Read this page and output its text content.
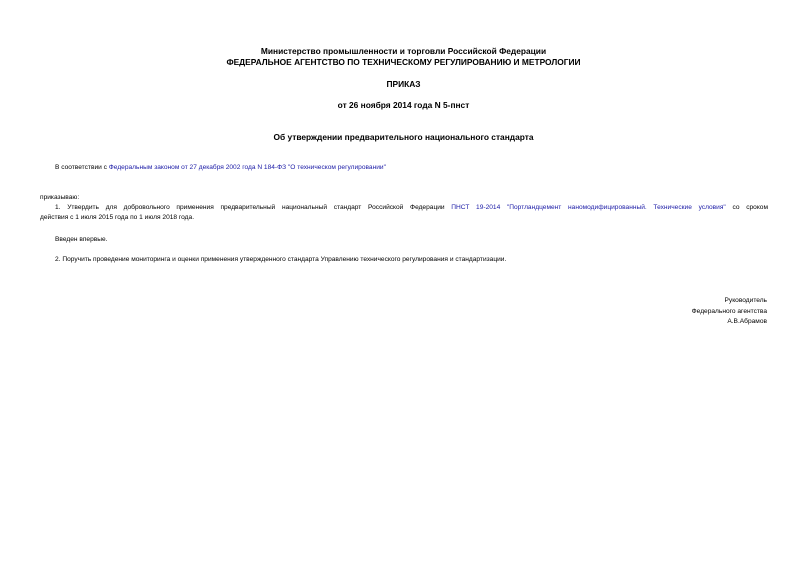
Министерство промышленности и торговли Российской Федерации
ФЕДЕРАЛЬНОЕ АГЕНТСТВО ПО ТЕХНИЧЕСКОМУ РЕГУЛИРОВАНИЮ И МЕТРОЛОГИИ
ПРИКАЗ
от 26 ноября 2014 года N 5-пнст
Об утверждении предварительного национального стандарта
В соответствии с Федеральным законом от 27 декабря 2002 года N 184-ФЗ "О техническом регулировании"
приказываю:
1. Утвердить для добровольного применения предварительный национальный стандарт Российской Федерации ПНСТ 19-2014 "Портландцемент наномодифицированный. Технические условия" со сроком
действия с 1 июля 2015 года по 1 июля 2018 года.
Введен впервые.
2. Поручить проведение мониторинга и оценки применения утвержденного стандарта Управлению технического регулирования и стандартизации.
Руководитель
Федерального агентства
А.В.Абрамов
